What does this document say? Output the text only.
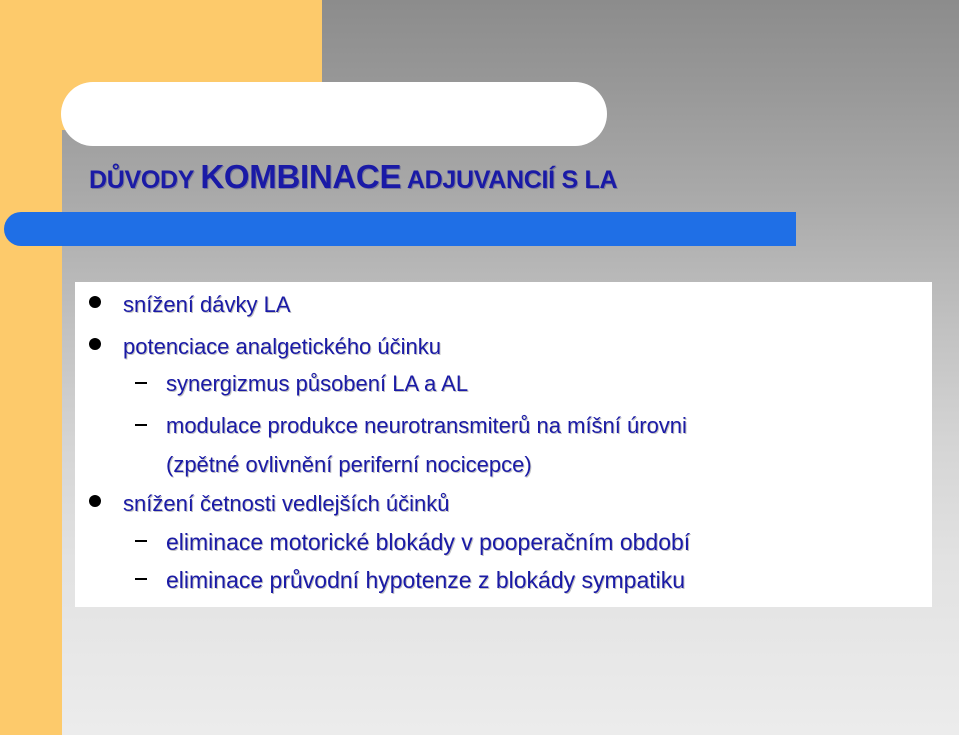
DŮVODY KOMBINACE ADJUVANCIÍ S LA
snížení dávky LA
potenciace analgetického účinku
synergizmus působení LA a AL
modulace produkce neurotransmiterů na míšní úrovni
(zpětné ovlivnění periferní nocicepce)
snížení četnosti vedlejších účinků
eliminace motorické blokády v pooperačním období
eliminace průvodní hypotenze z blokády sympatiku
